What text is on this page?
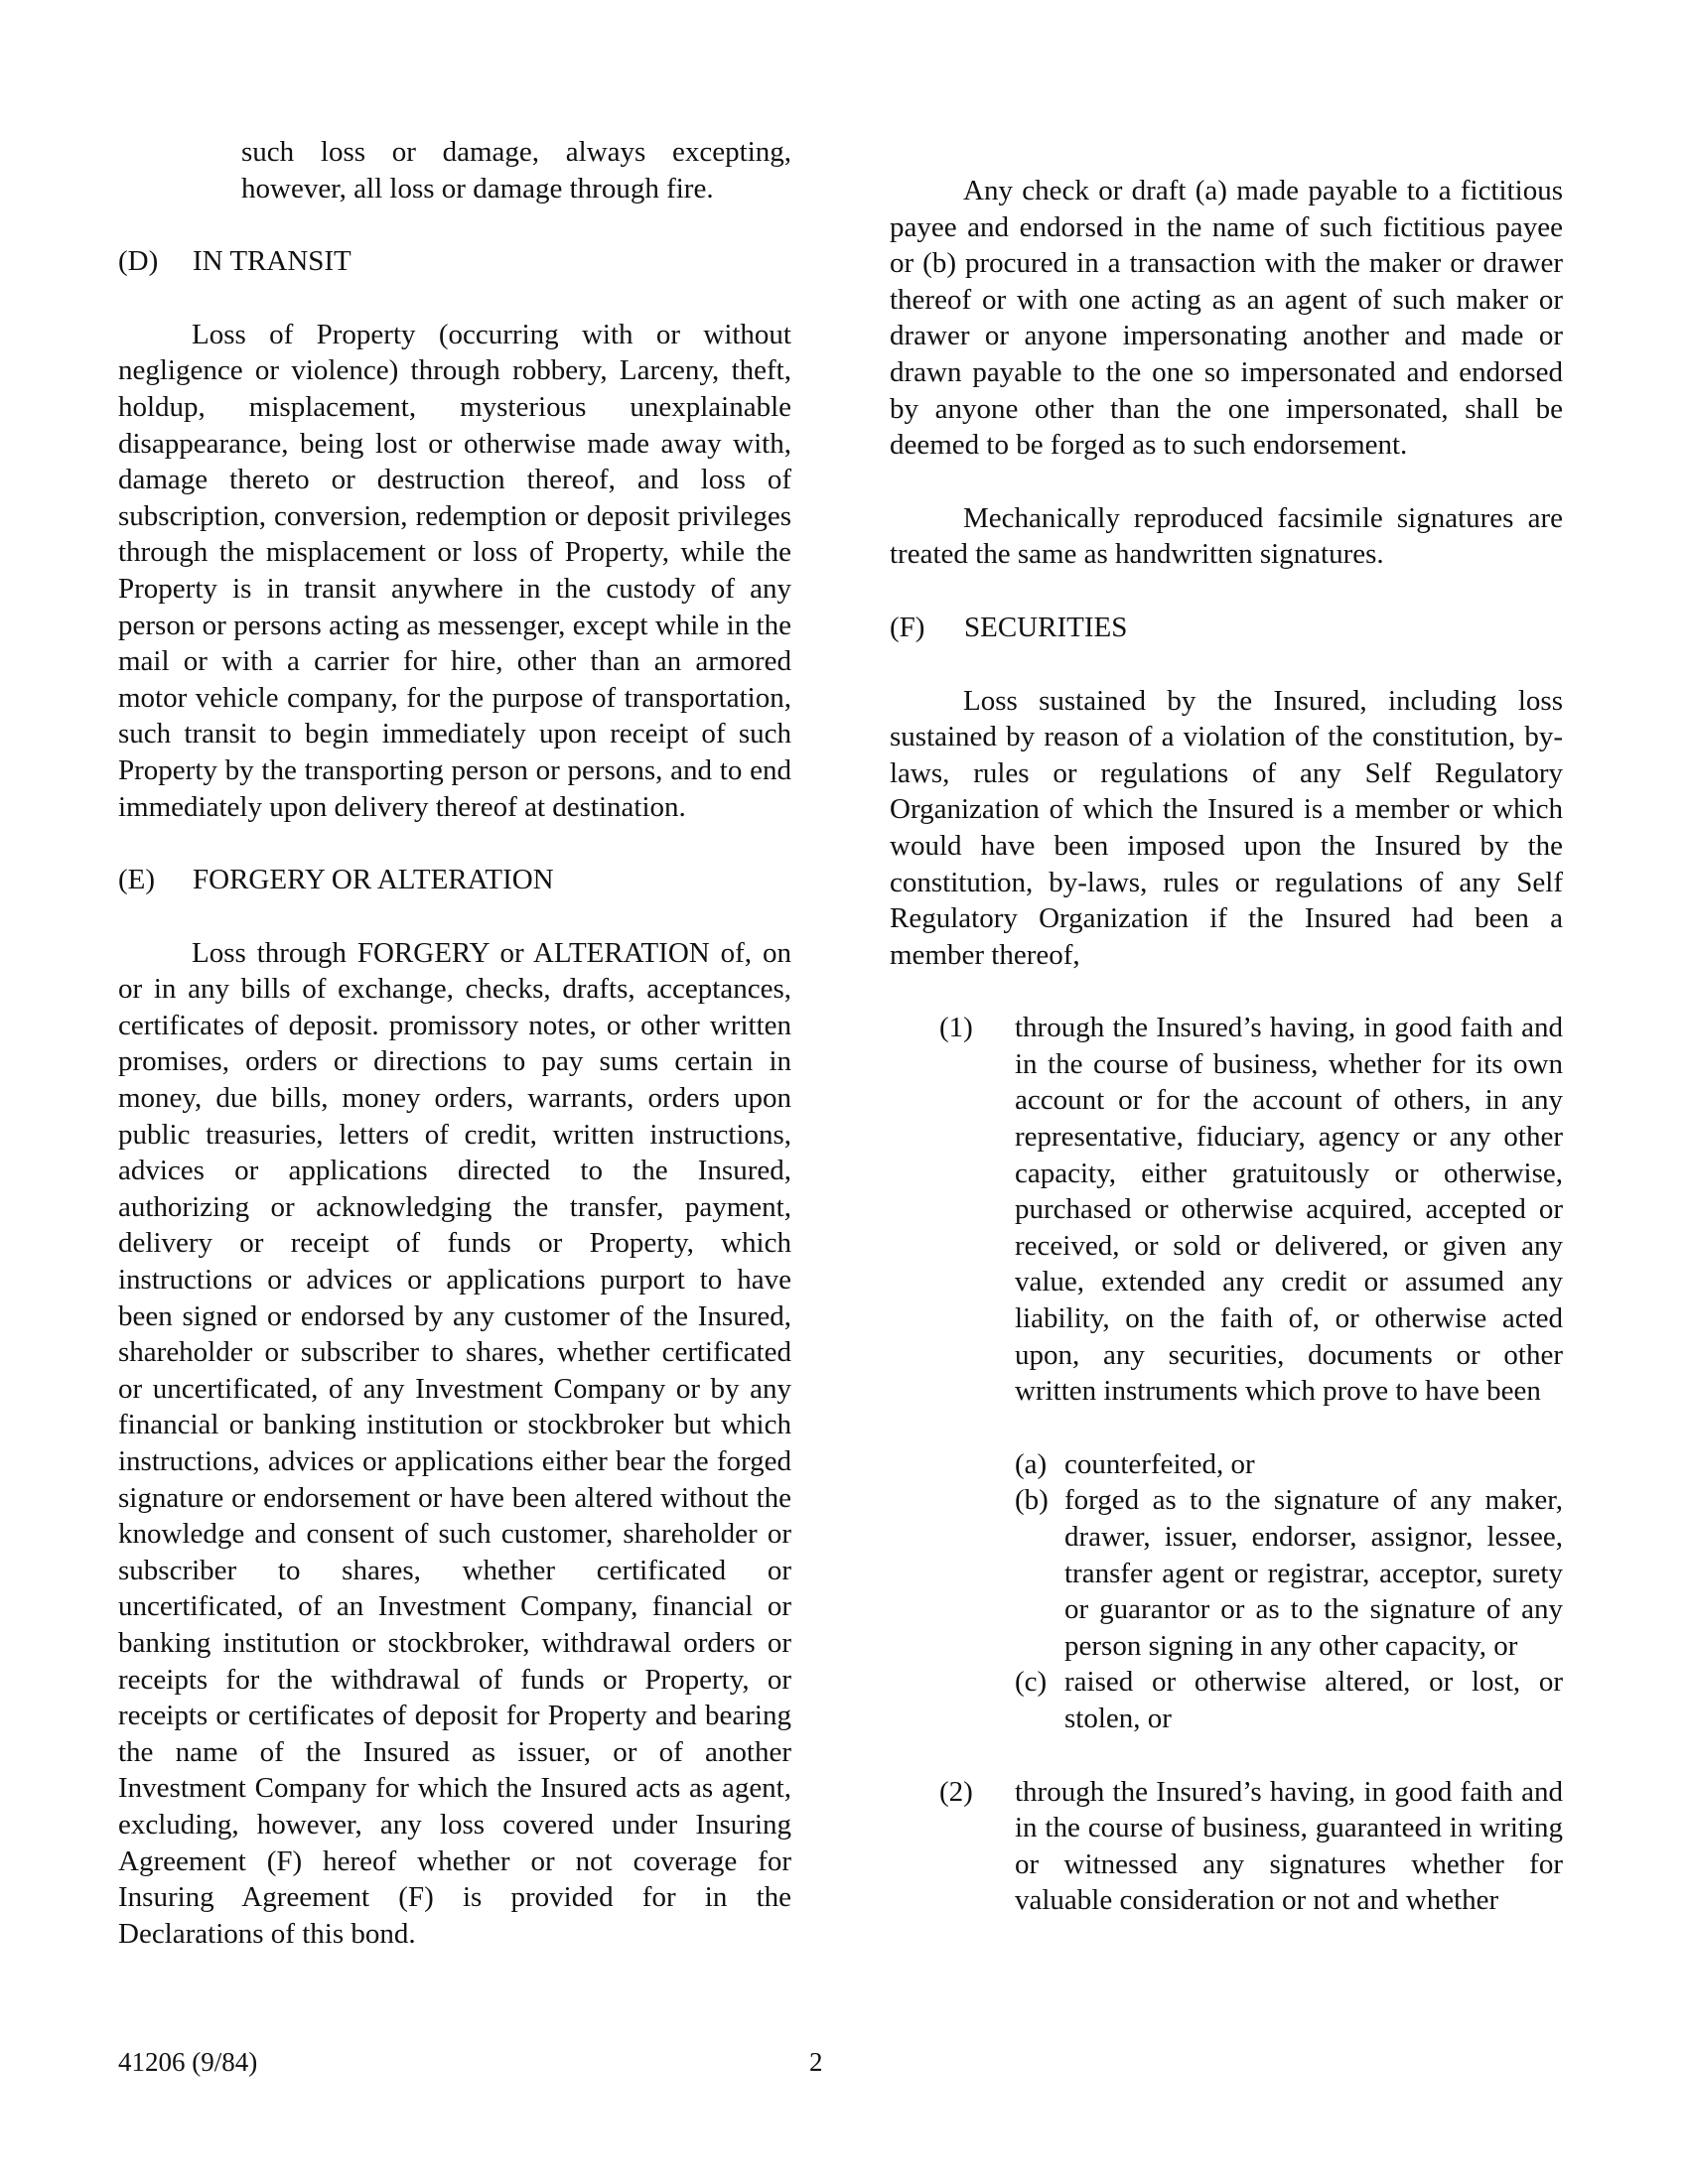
such loss or damage, always excepting, however, all loss or damage through fire.

(D)	IN TRANSIT

Loss of Property (occurring with or without negligence or violence) through robbery, Larceny, theft, holdup, misplacement, mysterious unexplainable disappearance, being lost or otherwise made away with, damage thereto or destruction thereof, and loss of subscription, conversion, redemption or deposit privileges through the misplacement or loss of Property, while the Property is in transit anywhere in the custody of any person or persons acting as messenger, except while in the mail or with a carrier for hire, other than an armored motor vehicle company, for the purpose of transportation, such transit to begin immediately upon receipt of such Property by the transporting person or persons, and to end immediately upon delivery thereof at destination.

(E)	FORGERY OR ALTERATION

Loss through FORGERY or ALTERATION of, on or in any bills of exchange, checks, drafts, acceptances, certificates of deposit. promissory notes, or other written promises, orders or directions to pay sums certain in money, due bills, money orders, warrants, orders upon public treasuries, letters of credit, written instructions, advices or applications directed to the Insured, authorizing or acknowledging the transfer, payment, delivery or receipt of funds or Property, which instructions or advices or applications purport to have been signed or endorsed by any customer of the Insured, shareholder or subscriber to shares, whether certificated or uncertificated, of any Investment Company or by any financial or banking institution or stockbroker but which instructions, advices or applications either bear the forged signature or endorsement or have been altered without the knowledge and consent of such customer, shareholder or subscriber to shares, whether certificated or uncertificated, of an Investment Company, financial or banking institution or stockbroker, withdrawal orders or receipts for the withdrawal of funds or Property, or receipts or certificates of deposit for Property and bearing the name of the Insured as issuer, or of another Investment Company for which the Insured acts as agent, excluding, however, any loss covered under Insuring Agreement (F) hereof whether or not coverage for Insuring Agreement (F) is provided for in the Declarations of this bond.

Any check or draft (a) made payable to a fictitious payee and endorsed in the name of such fictitious payee or (b) procured in a transaction with the maker or drawer thereof or with one acting as an agent of such maker or drawer or anyone impersonating another and made or drawn payable to the one so impersonated and endorsed by anyone other than the one impersonated, shall be deemed to be forged as to such endorsement.

Mechanically reproduced facsimile signatures are treated the same as handwritten signatures.

(F)	SECURITIES

Loss sustained by the Insured, including loss sustained by reason of a violation of the constitution, by-laws, rules or regulations of any Self Regulatory Organization of which the Insured is a member or which would have been imposed upon the Insured by the constitution, by-laws, rules or regulations of any Self Regulatory Organization if the Insured had been a member thereof,

(1)	through the Insured’s having, in good faith and in the course of business, whether for its own account or for the account of others, in any representative, fiduciary, agency or any other capacity, either gratuitously or otherwise, purchased or otherwise acquired, accepted or received, or sold or delivered, or given any value, extended any credit or assumed any liability, on the faith of, or otherwise acted upon, any securities, documents or other written instruments which prove to have been

(a) counterfeited, or
(b) forged as to the signature of any maker, drawer, issuer, endorser, assignor, lessee, transfer agent or registrar, acceptor, surety or guarantor or as to the signature of any person signing in any other capacity, or
(c) raised or otherwise altered, or lost, or stolen, or
(2)	through the Insured’s having, in good faith and in the course of business, guaranteed in writing or witnessed any signatures whether for valuable consideration or not and whether

41206 (9/84)	2
